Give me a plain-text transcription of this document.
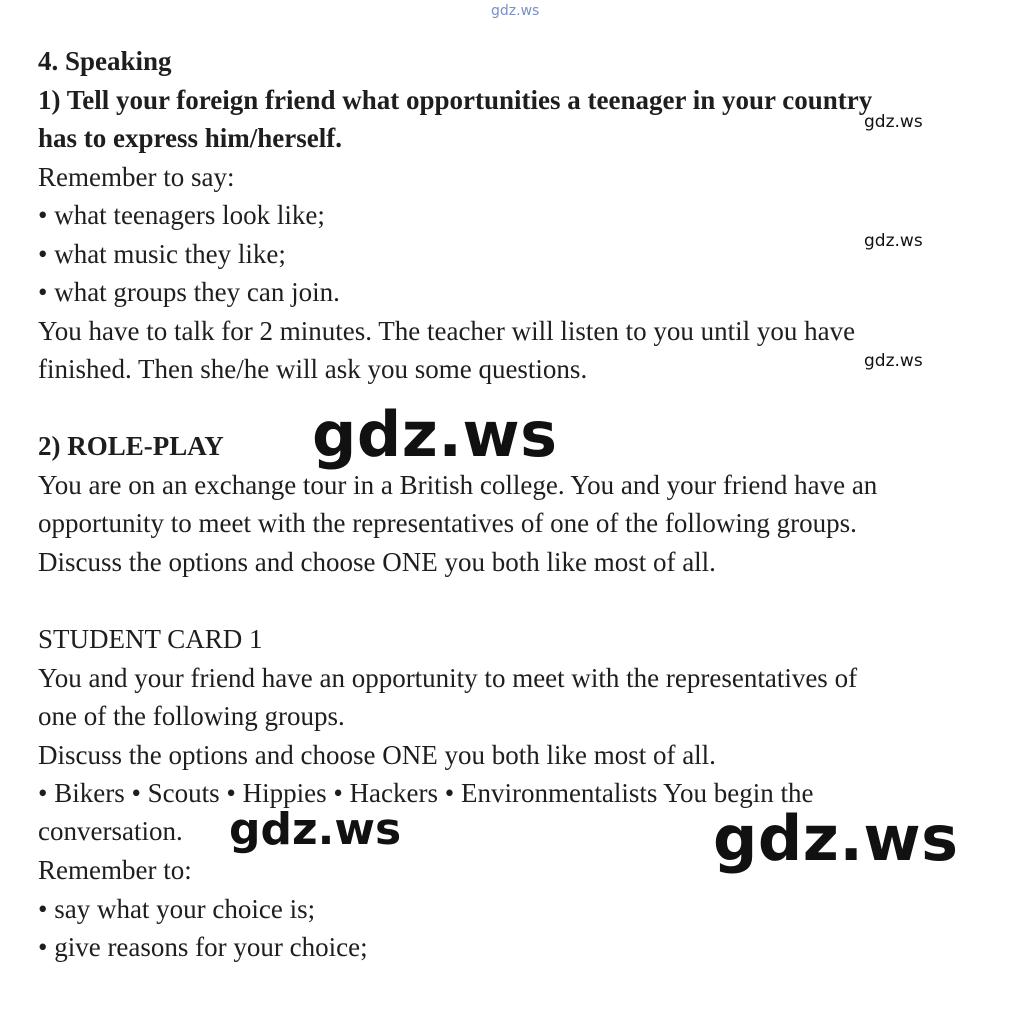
gdz.ws
gdz.ws
gdz.ws
gdz.ws
gdz.ws
gdz.ws	gdz.ws

4. Speaking

1) Tell your foreign friend what opportunities a teenager in your country

has to express him/herself.

Remember to say:

• what teenagers look like;

• what music they like;

• what groups they can join.

You have to talk for 2 minutes. The teacher will listen to you until you have

finished. Then she/he will ask you some questions.

2) ROLE-PLAY

You are on an exchange tour in a British college. You and your friend have an

opportunity to meet with the representatives of one of the following groups.

Discuss the options and choose ONE you both like most of all.

STUDENT CARD 1

You and your friend have an opportunity to meet with the representatives of

one of the following groups.

Discuss the options and choose ONE you both like most of all.

• Bikers • Scouts • Hippies • Hackers • Environmentalists You begin the

conversation.

Remember to:

• say what your choice is;

• give reasons for your choice;
